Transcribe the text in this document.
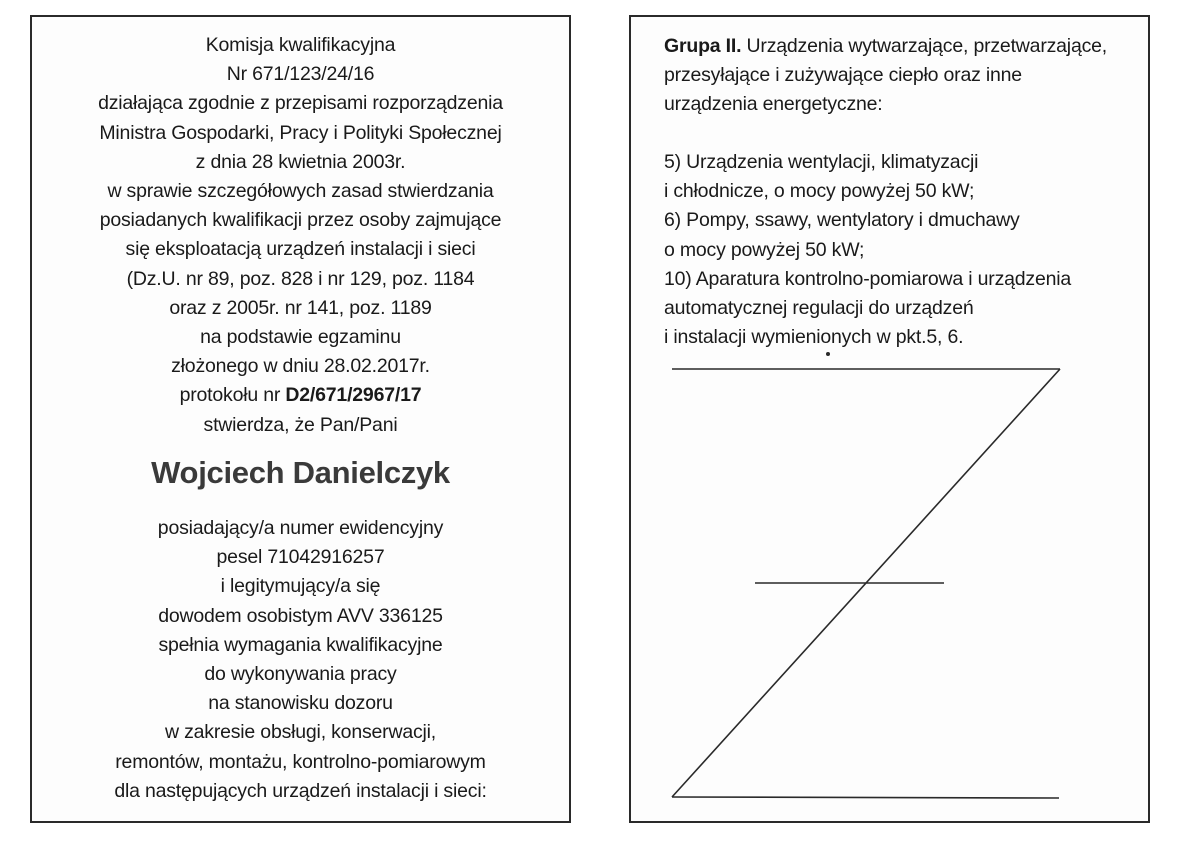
Komisja kwalifikacyjna
Nr 671/123/24/16
działająca zgodnie z przepisami rozporządzenia
Ministra Gospodarki, Pracy i Polityki Społecznej
z dnia 28 kwietnia 2003r.
w sprawie szczegółowych zasad stwierdzania
posiadanych kwalifikacji przez osoby zajmujące
się eksploatacją urządzeń instalacji i sieci
(Dz.U. nr 89, poz. 828 i nr 129, poz. 1184
oraz z 2005r. nr 141, poz. 1189
na podstawie egzaminu
złożonego w dniu 28.02.2017r.
protokołu nr D2/671/2967/17
stwierdza, że Pan/Pani
Wojciech Danielczyk
posiadający/a numer ewidencyjny
pesel 71042916257
i legitymujący/a się
dowodem osobistym AVV 336125
spełnia wymagania kwalifikacyjne
do wykonywania pracy
na stanowisku dozoru
w zakresie obsługi, konserwacji,
remontów, montażu, kontrolno-pomiarowym
dla następujących urządzeń instalacji i sieci:
Grupa II. Urządzenia wytwarzające, przetwarzające,
przesyłające i zużywające ciepło oraz inne
urządzenia energetyczne:
5) Urządzenia wentylacji, klimatyzacji
i chłodnicze, o mocy powyżej 50 kW;
6) Pompy, ssawy, wentylatory i dmuchawy
o mocy powyżej 50 kW;
10) Aparatura kontrolno-pomiarowa i urządzenia
automatycznej regulacji do urządzeń
i instalacji wymienionych w pkt.5, 6.
